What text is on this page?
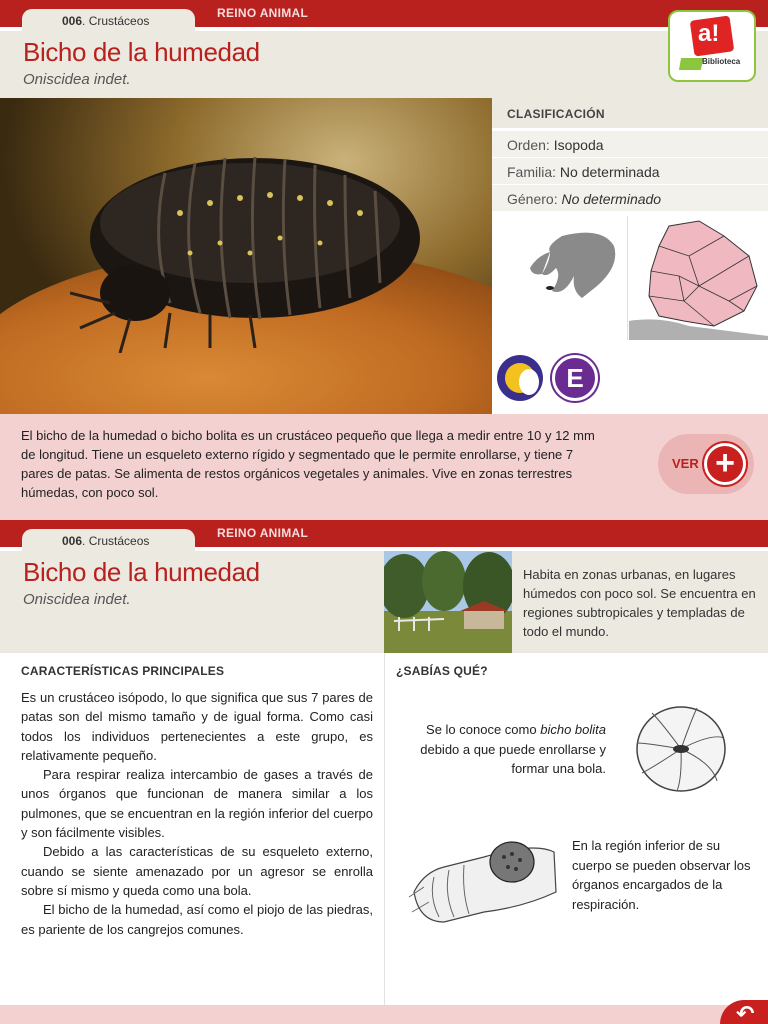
006. Crustáceos
REINO ANIMAL
Bicho de la humedad
Oniscidea indet.
a!
Biblioteca
CLASIFICACIÓN
Orden: Isopoda
Familia: No determinada
Género: No determinado
E
El bicho de la humedad o bicho bolita es un crustáceo pequeño que llega a medir entre 10 y 12 mm de longitud. Tiene un esqueleto externo rígido y segmentado que le permite enrollarse, y tiene 7 pares de patas. Se alimenta de restos orgánicos vegetales y animales. Vive en zonas terrestres húmedas, con poco sol.
VER +
006. Crustáceos
REINO ANIMAL
Bicho de la humedad
Oniscidea indet.
Habita en zonas urbanas, en lugares húmedos con poco sol. Se encuentra en regiones subtropicales y templadas de todo el mundo.
CARACTERÍSTICAS PRINCIPALES	¿SABÍAS QUÉ?

Es un crustáceo isópodo, lo que significa que sus 7 pares de patas son del mismo tamaño y de igual forma. Como casi todos los individuos pertenecientes a este grupo, es relativamente pequeño.

Para respirar realiza intercambio de gases a través de unos órganos que funcionan de manera similar a los pulmones, que se encuentran en la región inferior del cuerpo y son fácilmente visibles.

Debido a las características de su esqueleto externo, cuando se siente amenazado por un agresor se enrolla sobre sí mismo y queda como una bola.

El bicho de la humedad, así como el piojo de las piedras, es pariente de los cangrejos comunes.

Se lo conoce como bicho bolita debido a que puede enrollarse y formar una bola.
En la región inferior de su cuerpo se pueden observar los órganos encargados de la respiración.
↶
